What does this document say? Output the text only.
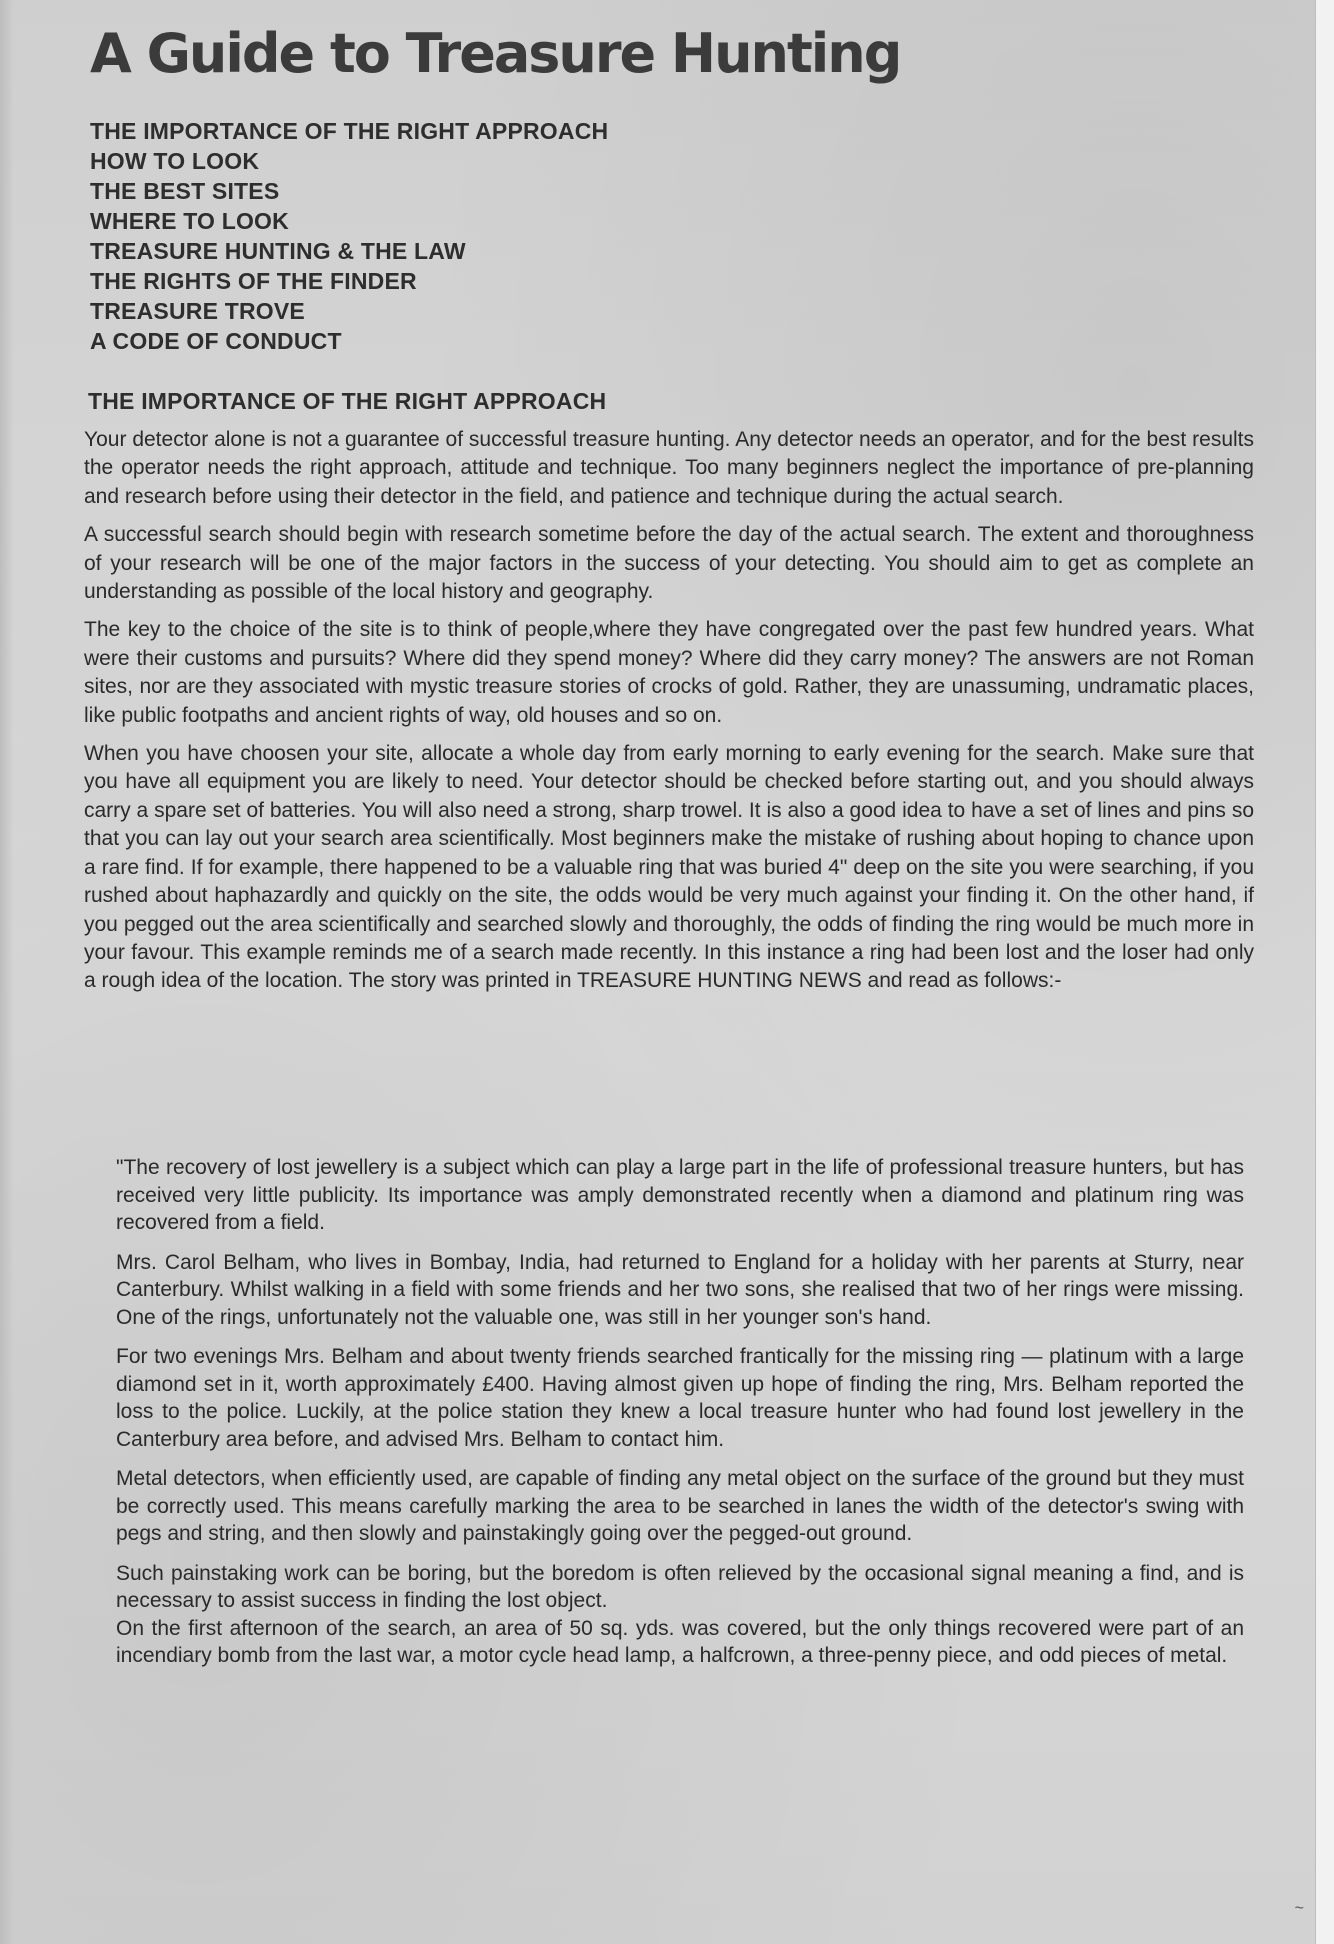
A Guide to Treasure Hunting
THE IMPORTANCE OF THE RIGHT APPROACH
HOW TO LOOK
THE BEST SITES
WHERE TO LOOK
TREASURE HUNTING & THE LAW
THE RIGHTS OF THE FINDER
TREASURE TROVE
A CODE OF CONDUCT
THE IMPORTANCE OF THE RIGHT APPROACH

Your detector alone is not a guarantee of successful treasure hunting. Any detector needs an operator, and for the best results the operator needs the right approach, attitude and technique. Too many beginners neglect the importance of pre-planning and research before using their detector in the field, and patience and technique during the actual search.

A successful search should begin with research sometime before the day of the actual search. The extent and thoroughness of your research will be one of the major factors in the success of your detecting. You should aim to get as complete an understanding as possible of the local history and geography.

The key to the choice of the site is to think of people,where they have congregated over the past few hundred years. What were their customs and pursuits? Where did they spend money? Where did they carry money? The answers are not Roman sites, nor are they associated with mystic treasure stories of crocks of gold. Rather, they are unassuming, undramatic places, like public footpaths and ancient rights of way, old houses and so on.

When you have choosen your site, allocate a whole day from early morning to early evening for the search. Make sure that you have all equipment you are likely to need. Your detector should be checked before starting out, and you should always carry a spare set of batteries. You will also need a strong, sharp trowel. It is also a good idea to have a set of lines and pins so that you can lay out your search area scientifically. Most beginners make the mistake of rushing about hoping to chance upon a rare find. If for example, there happened to be a valuable ring that was buried 4" deep on the site you were searching, if you rushed about haphazardly and quickly on the site, the odds would be very much against your finding it. On the other hand, if you pegged out the area scientifically and searched slowly and thoroughly, the odds of finding the ring would be much more in your favour. This example reminds me of a search made recently. In this instance a ring had been lost and the loser had only a rough idea of the location. The story was printed in TREASURE HUNTING NEWS and read as follows:-

"The recovery of lost jewellery is a subject which can play a large part in the life of professional treasure hunters, but has received very little publicity. Its importance was amply demonstrated recently when a diamond and platinum ring was recovered from a field.

Mrs. Carol Belham, who lives in Bombay, India, had returned to England for a holiday with her parents at Sturry, near Canterbury. Whilst walking in a field with some friends and her two sons, she realised that two of her rings were missing. One of the rings, unfortunately not the valuable one, was still in her younger son's hand.

For two evenings Mrs. Belham and about twenty friends searched frantically for the missing ring — platinum with a large diamond set in it, worth approximately £400. Having almost given up hope of finding the ring, Mrs. Belham reported the loss to the police. Luckily, at the police station they knew a local treasure hunter who had found lost jewellery in the Canterbury area before, and advised Mrs. Belham to contact him.

Metal detectors, when efficiently used, are capable of finding any metal object on the surface of the ground but they must be correctly used. This means carefully marking the area to be searched in lanes the width of the detector's swing with pegs and string, and then slowly and painstakingly going over the pegged-out ground.

Such painstaking work can be boring, but the boredom is often relieved by the occasional signal meaning a find, and is necessary to assist success in finding the lost object.

On the first afternoon of the search, an area of 50 sq. yds. was covered, but the only things recovered were part of an incendiary bomb from the last war, a motor cycle head lamp, a halfcrown, a three-penny piece, and odd pieces of metal.

~
